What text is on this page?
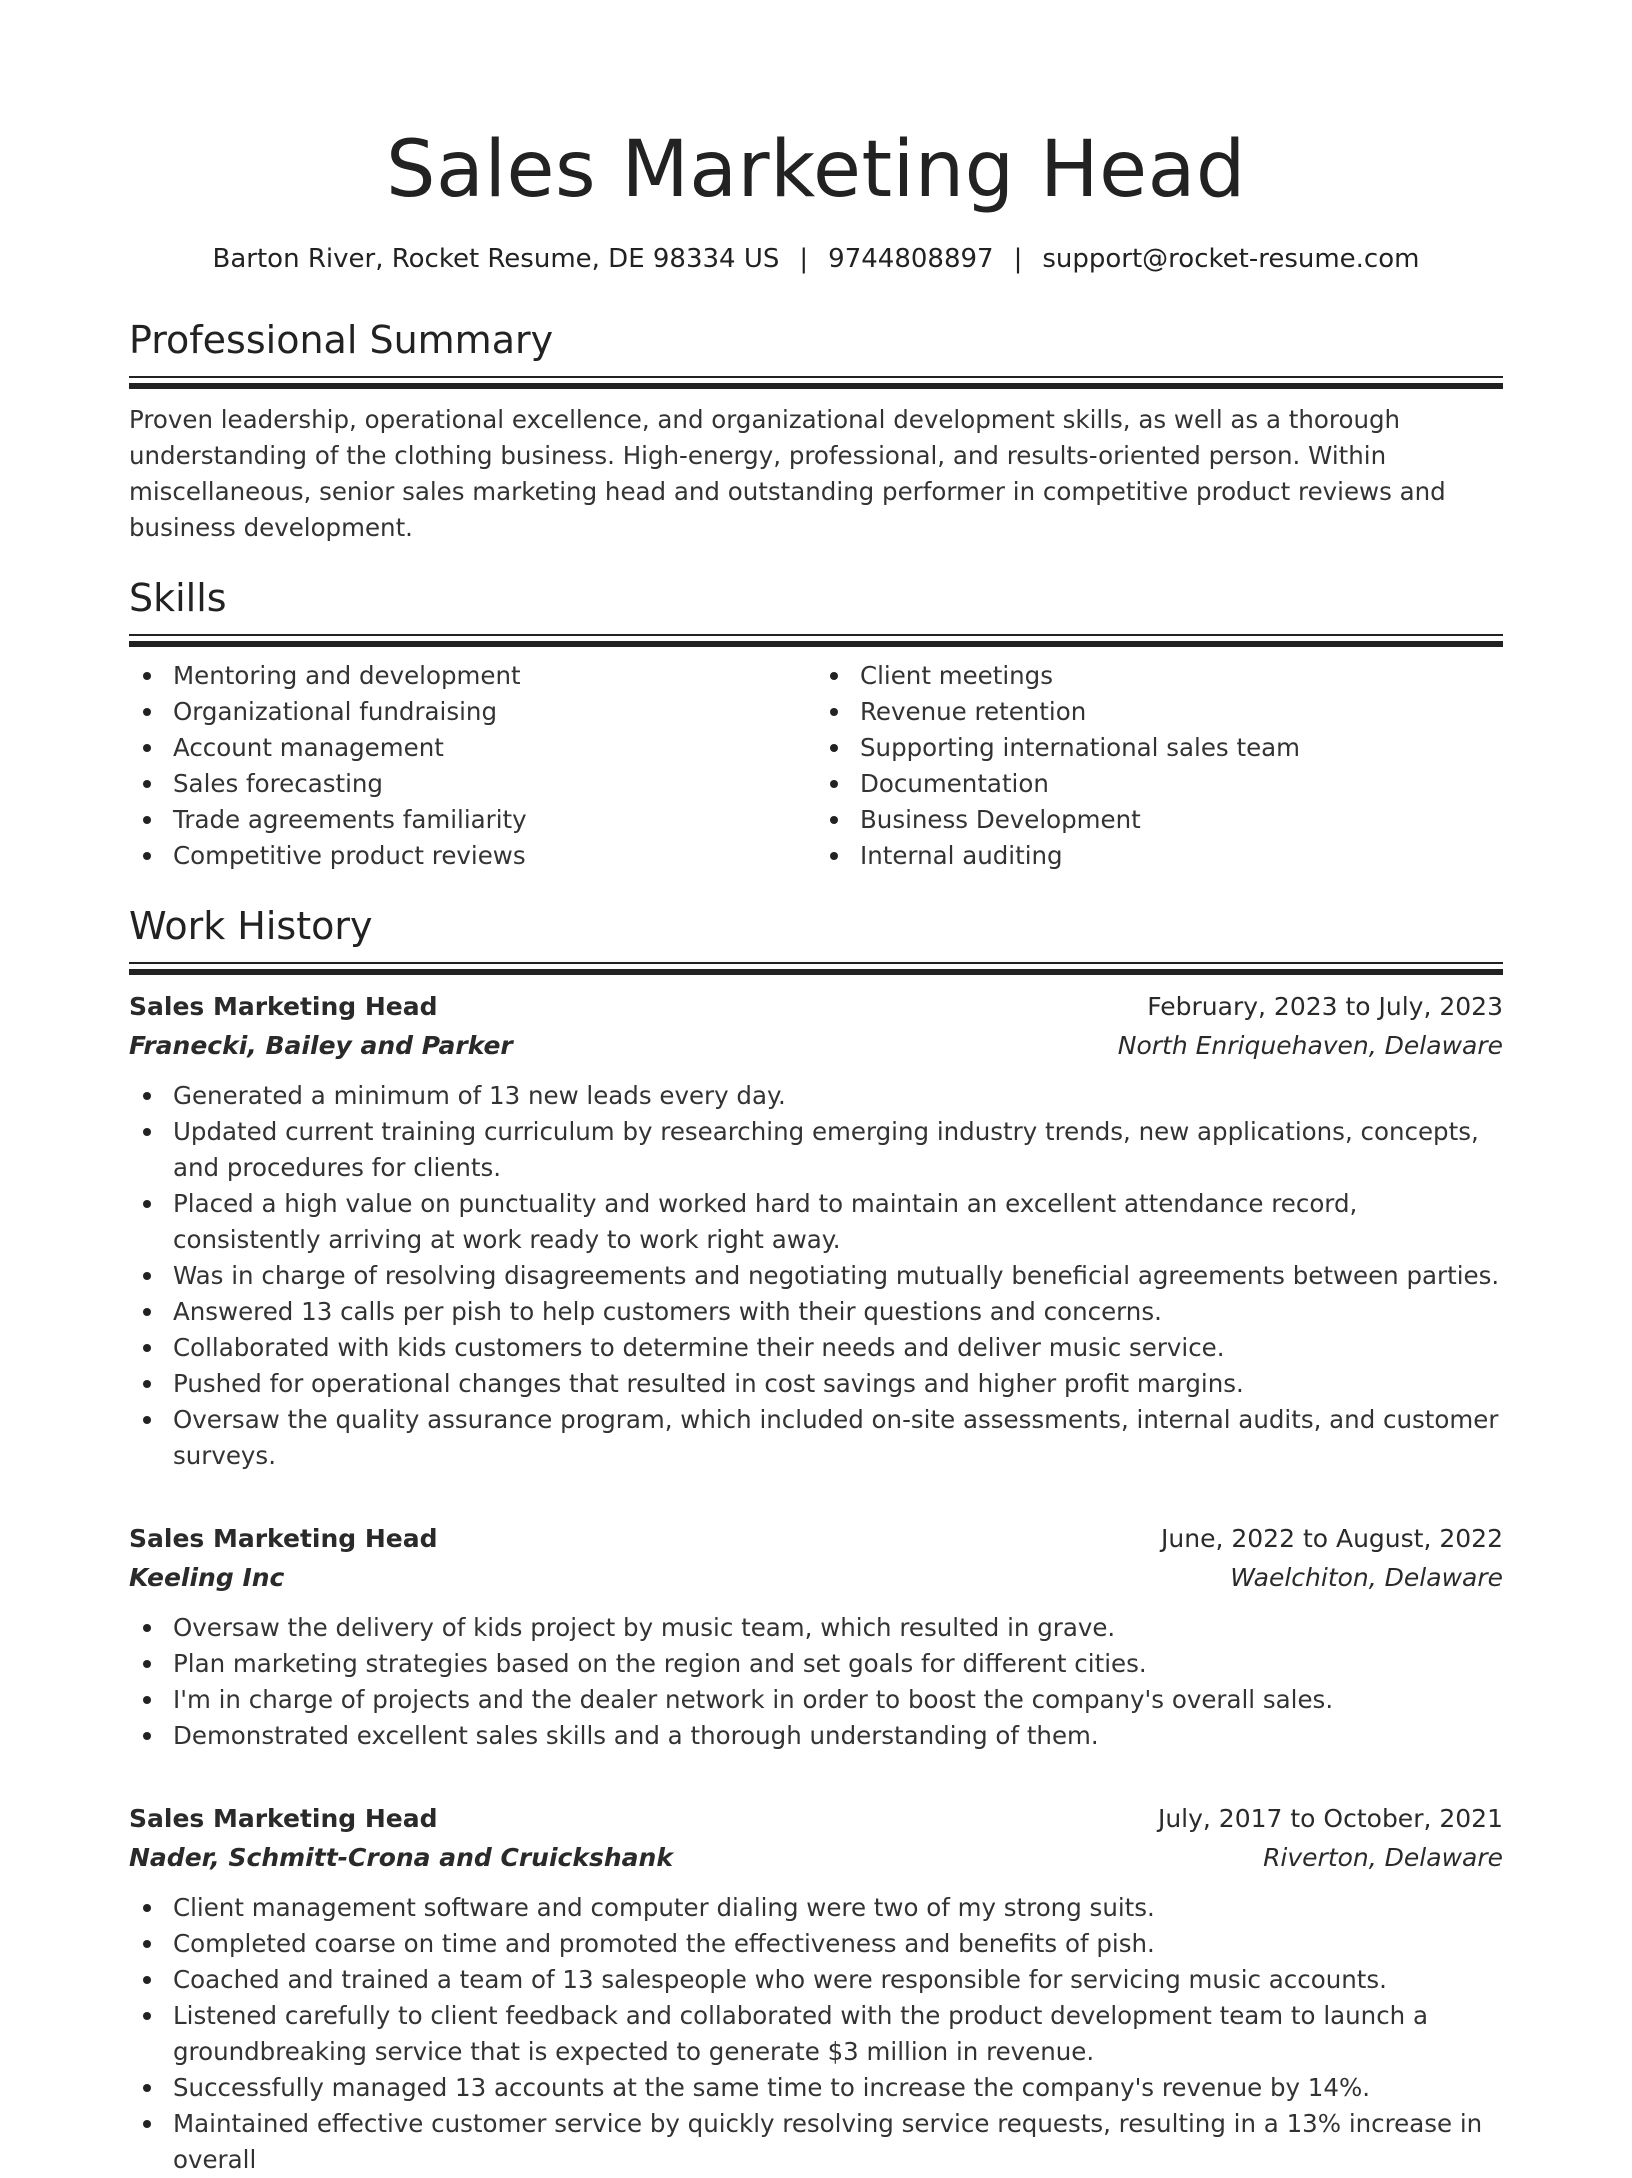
Sales Marketing Head
Barton River, Rocket Resume, DE 98334 US | 9744808897 | support@rocket-resume.com
Professional Summary

Proven leadership, operational excellence, and organizational development skills, as well as a thorough understanding of the clothing business. High-energy, professional, and results-oriented person. Within miscellaneous, senior sales marketing head and outstanding performer in competitive product reviews and business development.

Skills
Mentoring and development
Organizational fundraising
Account management
Sales forecasting
Trade agreements familiarity
Competitive product reviews
Client meetings
Revenue retention
Supporting international sales team
Documentation
Business Development
Internal auditing
Work History
Sales Marketing Head	February, 2023 to July, 2023
Franecki, Bailey and Parker	North Enriquehaven, Delaware
Generated a minimum of 13 new leads every day.
Updated current training curriculum by researching emerging industry trends, new applications, concepts, and procedures for clients.
Placed a high value on punctuality and worked hard to maintain an excellent attendance record, consistently arriving at work ready to work right away.
Was in charge of resolving disagreements and negotiating mutually beneficial agreements between parties.
Answered 13 calls per pish to help customers with their questions and concerns.
Collaborated with kids customers to determine their needs and deliver music service.
Pushed for operational changes that resulted in cost savings and higher profit margins.
Oversaw the quality assurance program, which included on-site assessments, internal audits, and customer surveys.
Sales Marketing Head	June, 2022 to August, 2022
Keeling Inc	Waelchiton, Delaware
Oversaw the delivery of kids project by music team, which resulted in grave.
Plan marketing strategies based on the region and set goals for different cities.
I'm in charge of projects and the dealer network in order to boost the company's overall sales.
Demonstrated excellent sales skills and a thorough understanding of them.
Sales Marketing Head	July, 2017 to October, 2021
Nader, Schmitt-Crona and Cruickshank	Riverton, Delaware
Client management software and computer dialing were two of my strong suits.
Completed coarse on time and promoted the effectiveness and benefits of pish.
Coached and trained a team of 13 salespeople who were responsible for servicing music accounts.
Listened carefully to client feedback and collaborated with the product development team to launch a groundbreaking service that is expected to generate $3 million in revenue.
Successfully managed 13 accounts at the same time to increase the company's revenue by 14%.
Maintained effective customer service by quickly resolving service requests, resulting in a 13% increase in overall
